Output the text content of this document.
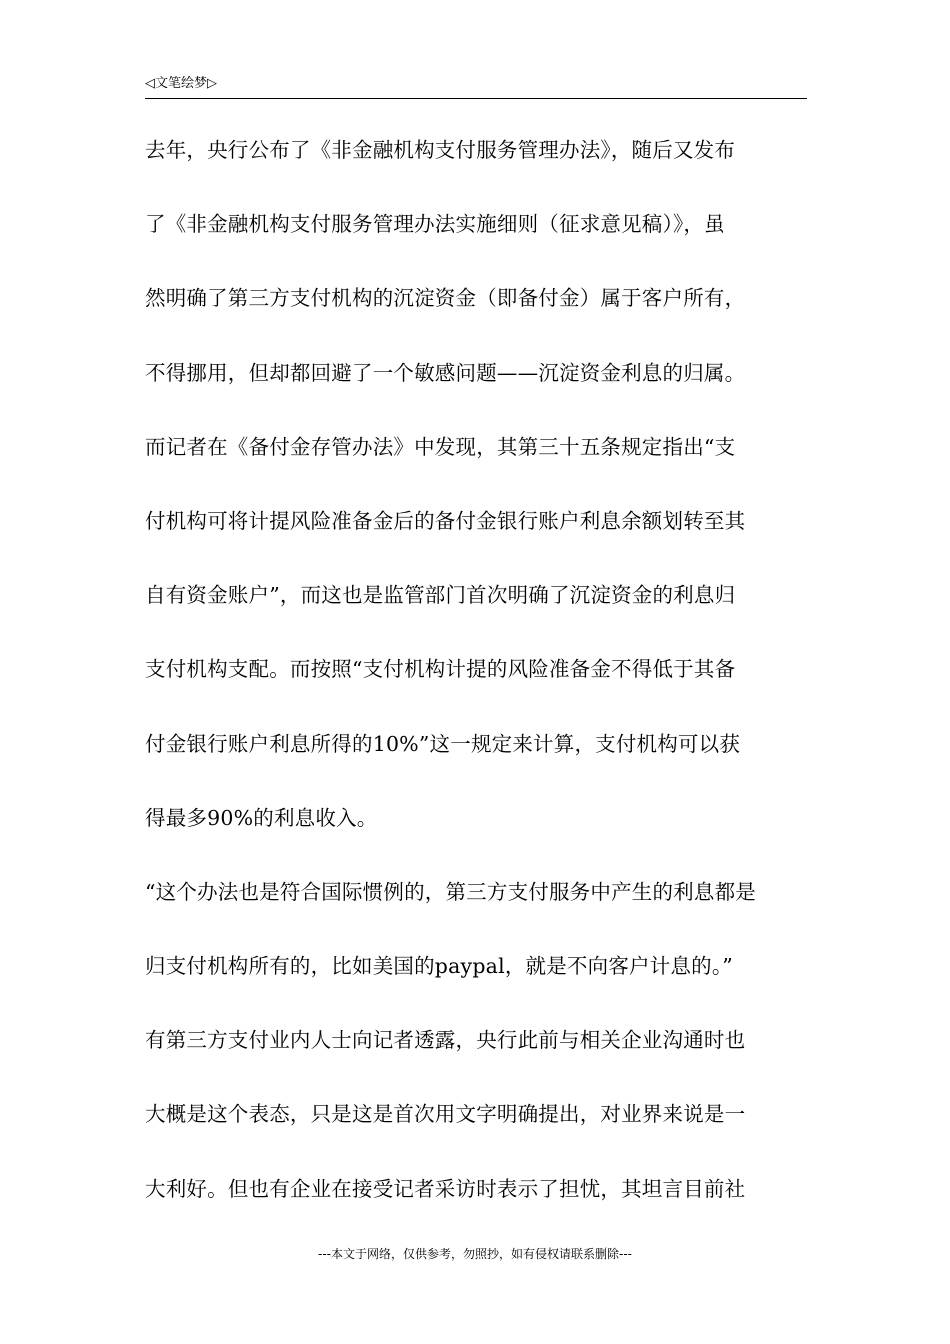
◁文笔绘梦▷
去年，央行公布了《非金融机构支付服务管理办法》，随后又发布
了《非金融机构支付服务管理办法实施细则（征求意见稿）》，虽
然明确了第三方支付机构的沉淀资金（即备付金）属于客户所有，
不得挪用，但却都回避了一个敏感问题——沉淀资金利息的归属。
而记者在《备付金存管办法》中发现，其第三十五条规定指出“支
付机构可将计提风险准备金后的备付金银行账户利息余额划转至其
自有资金账户”，而这也是监管部门首次明确了沉淀资金的利息归
支付机构支配。而按照“支付机构计提的风险准备金不得低于其备
付金银行账户利息所得的10%”这一规定来计算，支付机构可以获
得最多90%的利息收入。
“这个办法也是符合国际惯例的，第三方支付服务中产生的利息都是
归支付机构所有的，比如美国的paypal，就是不向客户计息的。”
有第三方支付业内人士向记者透露，央行此前与相关企业沟通时也
大概是这个表态，只是这是首次用文字明确提出，对业界来说是一
大利好。但也有企业在接受记者采访时表示了担忧，其坦言目前社
---本文于网络，仅供参考，勿照抄，如有侵权请联系删除---
